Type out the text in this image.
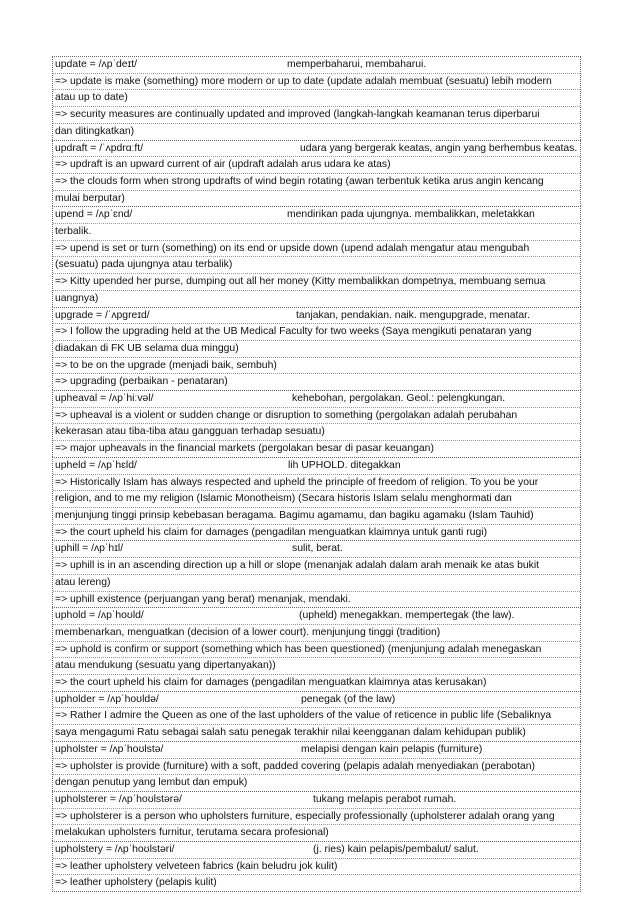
update = /ʌpˈdeɪt/	memperbaharui, membaharui.
=> update is make (something) more modern or up to date (update adalah membuat (sesuatu) lebih modern
atau up to date)
=> security measures are continually updated and improved (langkah-langkah keamanan terus diperbarui
dan ditingkatkan)
updraft = /ˈʌpdrɑːft/	udara yang bergerak keatas, angin yang berhembus keatas.
=> updraft is an upward current of air (updraft adalah arus udara ke atas)
=> the clouds form when strong updrafts of wind begin rotating (awan terbentuk ketika arus angin kencang
mulai berputar)
upend = /ʌpˈɛnd/	mendirikan pada ujungnya. membalikkan, meletakkan
terbalik.
=> upend is set or turn (something) on its end or upside down (upend adalah mengatur atau mengubah
(sesuatu) pada ujungnya atau terbalik)
=> Kitty upended her purse, dumping out all her money (Kitty membalikkan dompetnya, membuang semua
uangnya)
upgrade = /ˈʌpgreɪd/	tanjakan, pendakian. naik. mengupgrade, menatar.
=> I follow the upgrading held at the UB Medical Faculty for two weeks (Saya mengikuti penataran yang
diadakan di FK UB selama dua minggu)
=> to be on the upgrade (menjadi baik, sembuh)
=> upgrading (perbaikan - penataran)
upheaval = /ʌpˈhiːvəl/	kehebohan, pergolakan. Geol.: pelengkungan.
=> upheaval is a violent or sudden change or disruption to something (pergolakan adalah perubahan
kekerasan atau tiba-tiba atau gangguan terhadap sesuatu)
=> major upheavals in the financial markets (pergolakan besar di pasar keuangan)
upheld = /ʌpˈhɛld/	lih UPHOLD. ditegakkan
=> Historically Islam has always respected and upheld the principle of freedom of religion. To you be your
religion, and to me my religion (Islamic Monotheism) (Secara historis Islam selalu menghormati dan
menjunjung tinggi prinsip kebebasan beragama. Bagimu agamamu, dan bagiku agamaku (Islam Tauhid)
=> the court upheld his claim for damages (pengadilan menguatkan klaimnya untuk ganti rugi)
uphill = /ʌpˈhɪl/	sulit, berat.
=> uphill is in an ascending direction up a hill or slope (menanjak adalah dalam arah menaik ke atas bukit
atau lereng)
=> uphill existence (perjuangan yang berat) menanjak, mendaki.
uphold = /ʌpˈhoʊld/	(upheld) menegakkan. mempertegak (the law).
membenarkan, menguatkan (decision of a lower court). menjunjung tinggi (tradition)
=> uphold is confirm or support (something which has been questioned) (menjunjung adalah menegaskan
atau mendukung (sesuatu yang dipertanyakan))
=> the court upheld his claim for damages (pengadilan menguatkan klaimnya atas kerusakan)
upholder = /ʌpˈhoʊldə/	penegak (of the law)
=> Rather I admire the Queen as one of the last upholders of the value of reticence in public life (Sebaliknya
saya mengagumi Ratu sebagai salah satu penegak terakhir nilai keengganan dalam kehidupan publik)
upholster = /ʌpˈhoʊlstə/	melapisi dengan kain pelapis (furniture)
=> upholster is provide (furniture) with a soft, padded covering (pelapis adalah menyediakan (perabotan)
dengan penutup yang lembut dan empuk)
upholsterer = /ʌpˈhoʊlstərə/	tukang melapis perabot rumah.
=> upholsterer is a person who upholsters furniture, especially professionally (upholsterer adalah orang yang
melakukan upholsters furnitur, terutama secara profesional)
upholstery = /ʌpˈhoʊlstəri/	(j. ries) kain pelapis/pembalut/ salut.
=> leather upholstery velveteen fabrics (kain beludru jok kulit)
=> leather upholstery (pelapis kulit)
